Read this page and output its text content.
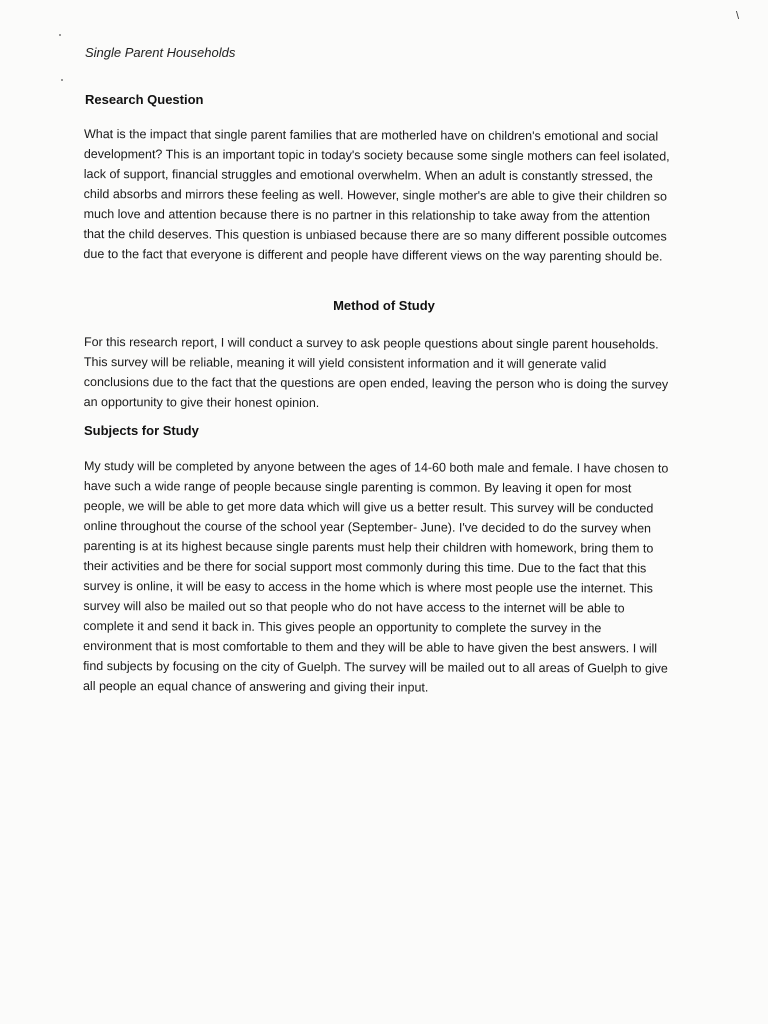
\
Single Parent Households
Research Question
What is the impact that single parent families that are motherled have on children's emotional and social development? This is an important topic in today's society because some single mothers can feel isolated, lack of support, financial struggles and emotional overwhelm. When an adult is constantly stressed, the child absorbs and mirrors these feeling as well. However, single mother's are able to give their children so much love and attention because there is no partner in this relationship to take away from the attention that the child deserves. This question is unbiased because there are so many different possible outcomes due to the fact that everyone is different and people have different views on the way parenting should be.
Method of Study
For this research report, I will conduct a survey to ask people questions about single parent households. This survey will be reliable, meaning it will yield consistent information and it will generate valid conclusions due to the fact that the questions are open ended, leaving the person who is doing the survey an opportunity to give their honest opinion.
Subjects for Study
My study will be completed by anyone between the ages of 14-60 both male and female. I have chosen to have such a wide range of people because single parenting is common. By leaving it open for most people, we will be able to get more data which will give us a better result. This survey will be conducted online throughout the course of the school year (September- June). I've decided to do the survey when parenting is at its highest because single parents must help their children with homework, bring them to their activities and be there for social support most commonly during this time. Due to the fact that this survey is online, it will be easy to access in the home which is where most people use the internet. This survey will also be mailed out so that people who do not have access to the internet will be able to complete it and send it back in. This gives people an opportunity to complete the survey in the environment that is most comfortable to them and they will be able to have given the best answers. I will find subjects by focusing on the city of Guelph. The survey will be mailed out to all areas of Guelph to give all people an equal chance of answering and giving their input.
